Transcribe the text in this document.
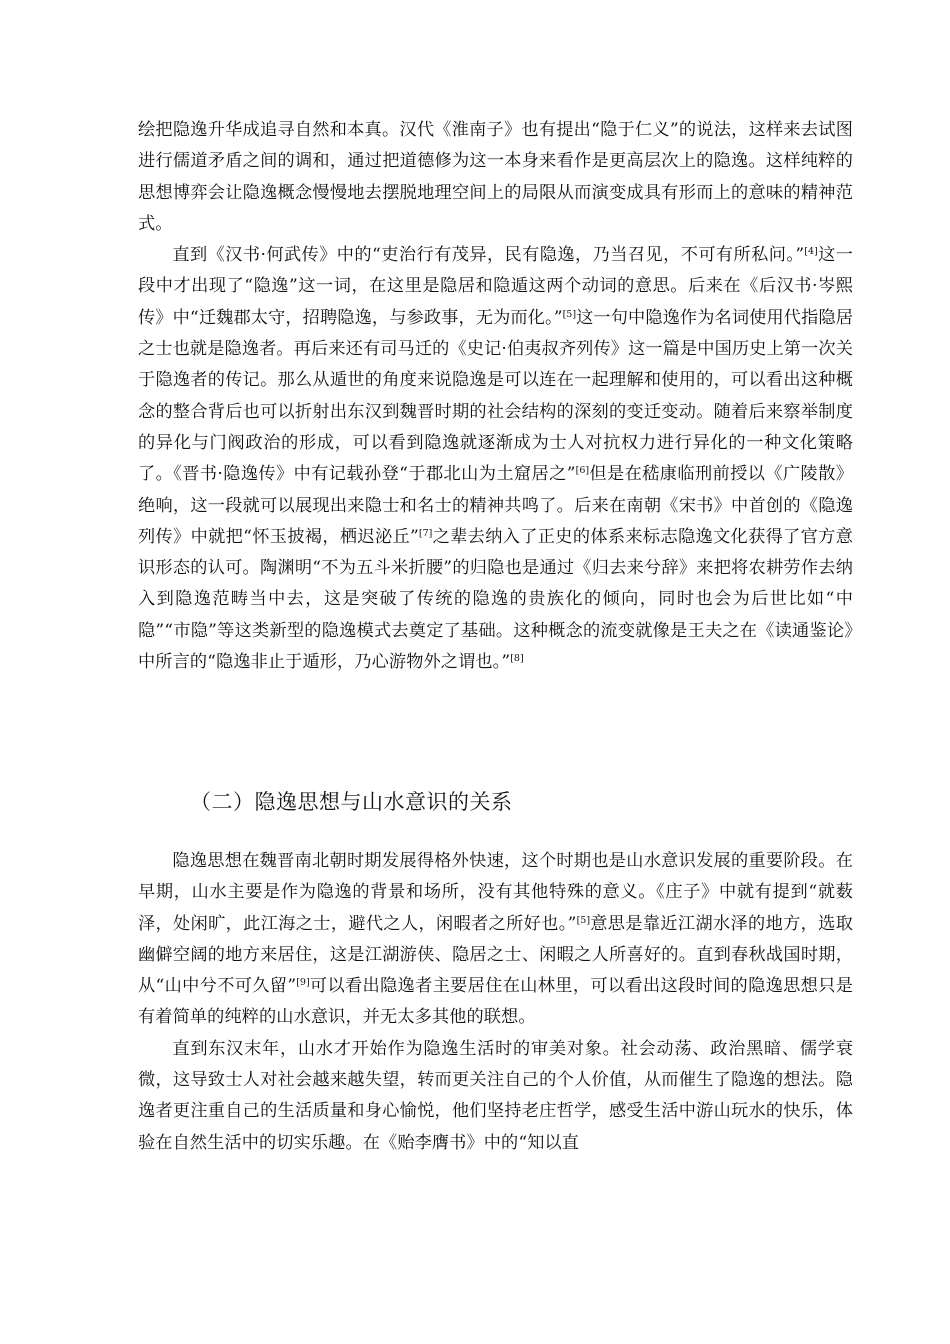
绘把隐逸升华成追寻自然和本真。汉代《淮南子》也有提出“隐于仁义”的说法，这样来去试图进行儒道矛盾之间的调和，通过把道德修为这一本身来看作是更高层次上的隐逸。这样纯粹的思想博弈会让隐逸概念慢慢地去摆脱地理空间上的局限从而演变成具有形而上的意味的精神范式。

直到《汉书·何武传》中的“吏治行有茂异，民有隐逸，乃当召见，不可有所私问。”[4]这一段中才出现了“隐逸”这一词，在这里是隐居和隐遁这两个动词的意思。后来在《后汉书·岑熙传》中“迁魏郡太守，招聘隐逸，与参政事，无为而化。”[5]这一句中隐逸作为名词使用代指隐居之士也就是隐逸者。再后来还有司马迁的《史记·伯夷叔齐列传》这一篇是中国历史上第一次关于隐逸者的传记。那么从遁世的角度来说隐逸是可以连在一起理解和使用的，可以看出这种概念的整合背后也可以折射出东汉到魏晋时期的社会结构的深刻的变迁变动。随着后来察举制度的异化与门阀政治的形成，可以看到隐逸就逐渐成为士人对抗权力进行异化的一种文化策略了。《晋书·隐逸传》中有记载孙登“于郡北山为土窟居之”[6]但是在嵇康临刑前授以《广陵散》绝响，这一段就可以展现出来隐士和名士的精神共鸣了。后来在南朝《宋书》中首创的《隐逸列传》中就把“怀玉披褐，栖迟泌丘”[7]之辈去纳入了正史的体系来标志隐逸文化获得了官方意识形态的认可。陶渊明“不为五斗米折腰”的归隐也是通过《归去来兮辞》来把将农耕劳作去纳入到隐逸范畴当中去，这是突破了传统的隐逸的贵族化的倾向，同时也会为后世比如“中隐”“市隐”等这类新型的隐逸模式去奠定了基础。这种概念的流变就像是王夫之在《读通鉴论》中所言的“隐逸非止于遁形，乃心游物外之谓也。”[8]

（二）隐逸思想与山水意识的关系

隐逸思想在魏晋南北朝时期发展得格外快速，这个时期也是山水意识发展的重要阶段。在早期，山水主要是作为隐逸的背景和场所，没有其他特殊的意义。《庄子》中就有提到“就薮泽，处闲旷，此江海之士，避代之人，闲暇者之所好也。”[5]意思是靠近江湖水泽的地方，选取幽僻空阔的地方来居住，这是江湖游侠、隐居之士、闲暇之人所喜好的。直到春秋战国时期，从“山中兮不可久留”[9]可以看出隐逸者主要居住在山林里，可以看出这段时间的隐逸思想只是有着简单的纯粹的山水意识，并无太多其他的联想。

直到东汉末年，山水才开始作为隐逸生活时的审美对象。社会动荡、政治黑暗、儒学衰微，这导致士人对社会越来越失望，转而更关注自己的个人价值，从而催生了隐逸的想法。隐逸者更注重自己的生活质量和身心愉悦，他们坚持老庄哲学，感受生活中游山玩水的快乐，体验在自然生活中的切实乐趣。在《贻李膺书》中的“知以直
